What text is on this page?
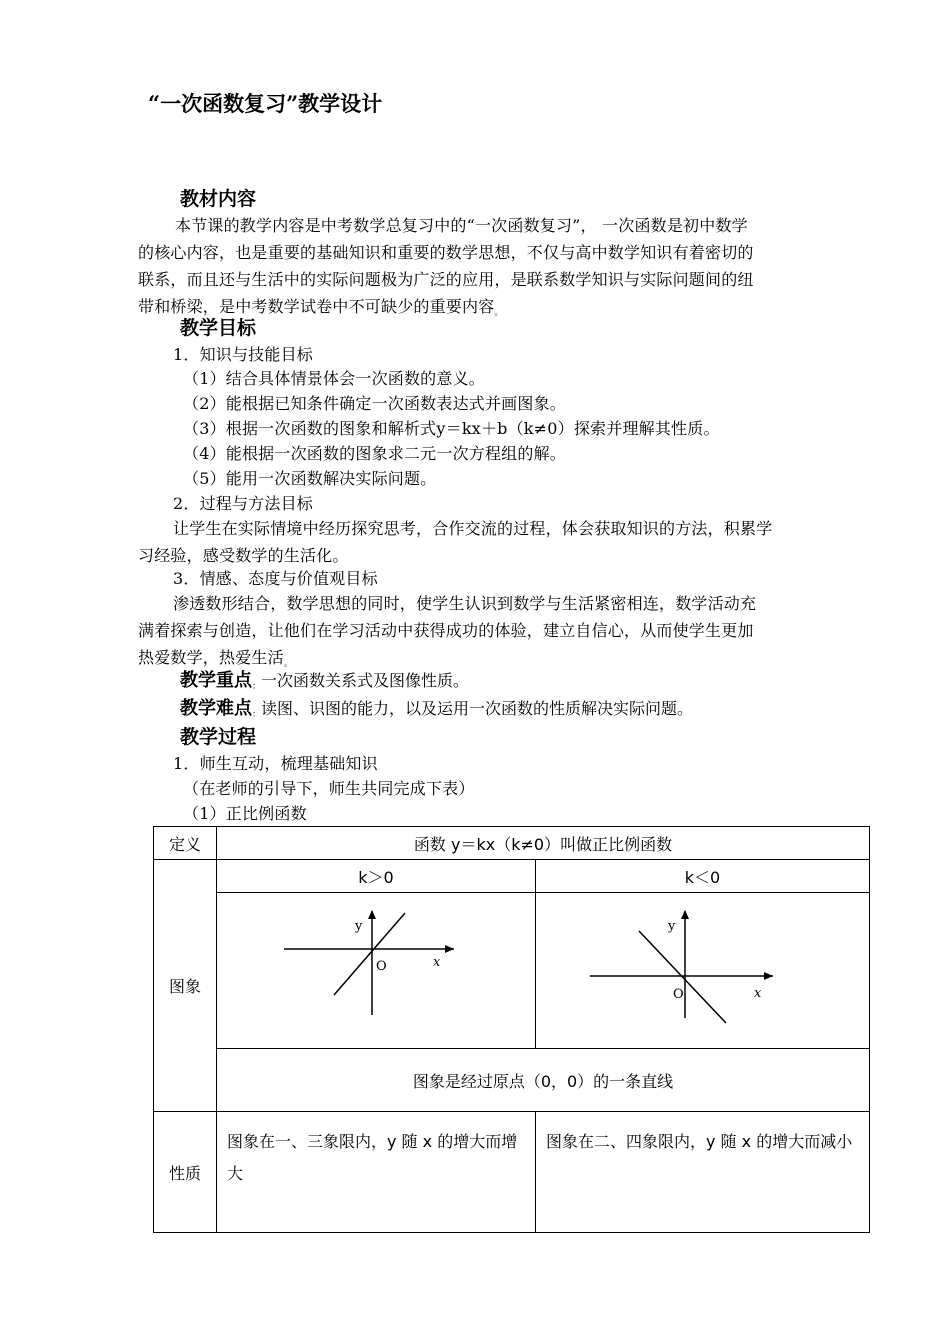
“一次函数复习”教学设计
教材内容
本节课的教学内容是中考数学总复习中的“一次函数复习”， 一次函数是初中数学
的核心内容，也是重要的基础知识和重要的数学思想，不仅与高中数学知识有着密切的
联系，而且还与生活中的实际问题极为广泛的应用，是联系数学知识与实际问题间的纽
带和桥梁，是中考数学试卷中不可缺少的重要内容$_。$
教学目标
1．知识与技能目标
（1）结合具体情景体会一次函数的意义。
（2）能根据已知条件确定一次函数表达式并画图象。
（3）根据一次函数的图象和解析式y＝kx＋b（k≠0）探索并理解其性质。
（4）能根据一次函数的图象求二元一次方程组的解。
（5）能用一次函数解决实际问题。
2．过程与方法目标
让学生在实际情境中经历探究思考，合作交流的过程，体会获取知识的方法，积累学
习经验，感受数学的生活化。
3．情感、态度与价值观目标
渗透数形结合，数学思想的同时，使学生认识到数学与生活紧密相连，数学活动充
满着探索与创造，让他们在学习活动中获得成功的体验，建立自信心，从而使学生更加
热爱数学，热爱生活$_。$
教学重点$_:$一次函数关系式及图像性质。
教学难点$_:$读图、识图的能力，以及运用一次函数的性质解决实际问题。
教学过程
1．师生互动，梳理基础知识
（在老师的引导下，师生共同完成下表）
（1）正比例函数
定义	函数 y＝kx（k≠0）叫做正比例函数	
图象	k＞0	k＜0

y
x
O	y
x
O

	图象是经过原点（0，0）的一条直线	
性质	图象在一、三象限内，y 随 x 的增大而增大	图象在二、四象限内，y 随 x 的增大而减小
